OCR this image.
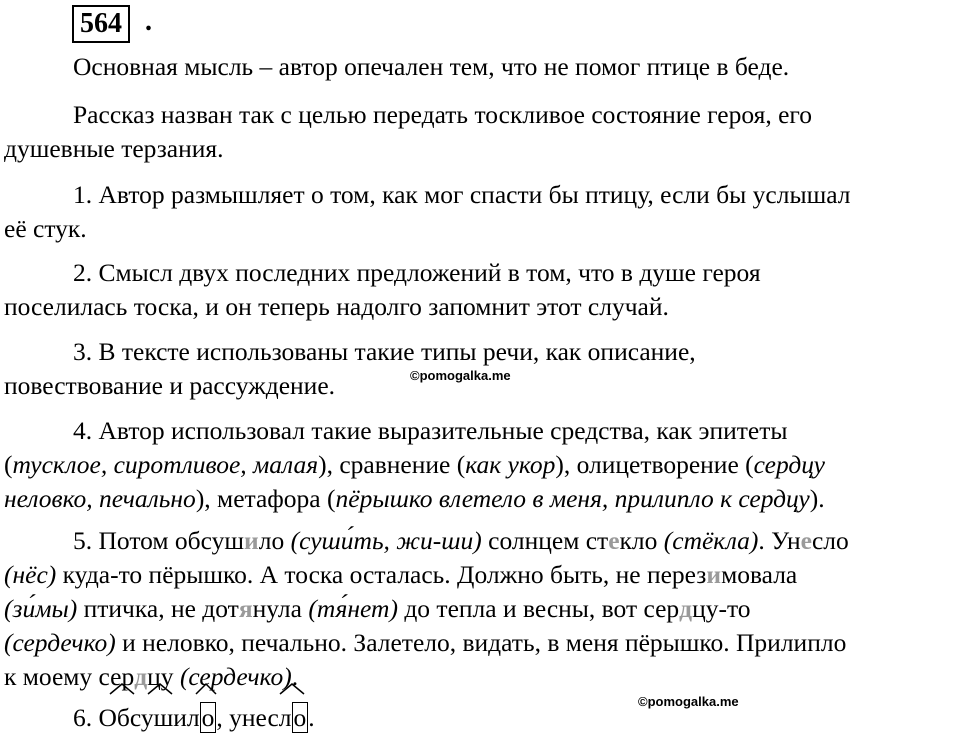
564 .

Основная мысль – автор опечален тем, что не помог птице в беде.

Рассказ назван так с целью передать тоскливое состояние героя, его
душевные терзания.

1. Автор размышляет о том, как мог спасти бы птицу, если бы услышал
её стук.

2. Смысл двух последних предложений в том, что в душе героя
поселилась тоска, и он теперь надолго запомнит этот случай.

3. В тексте использованы такие типы речи, как описание,
повествование и рассуждение.	©pomogalka.me

4. Автор использовал такие выразительные средства, как эпитеты
(тусклое, сиротливое, малая), сравнение (как укор), олицетворение (сердцу
неловко, печально), метафора (пёрышко влетело в меня, прилипло к сердцу).

5. Потом обсушило (суши́ть, жи-ши) солнцем стекло (стёкла). Унесло
(нёс) куда-то пёрышко. А тоска осталась. Должно быть, не перезимовала
(зи́мы) птичка, не дотянула (тя́нет) до тепла и весны, вот сердцу-то
(сердечко) и неловко, печально. Залетело, видать, в меня пёрышко. Прилипло
к моему сердцу (сердечко).

©pomogalka.me

6. Обсушило, унесло.
